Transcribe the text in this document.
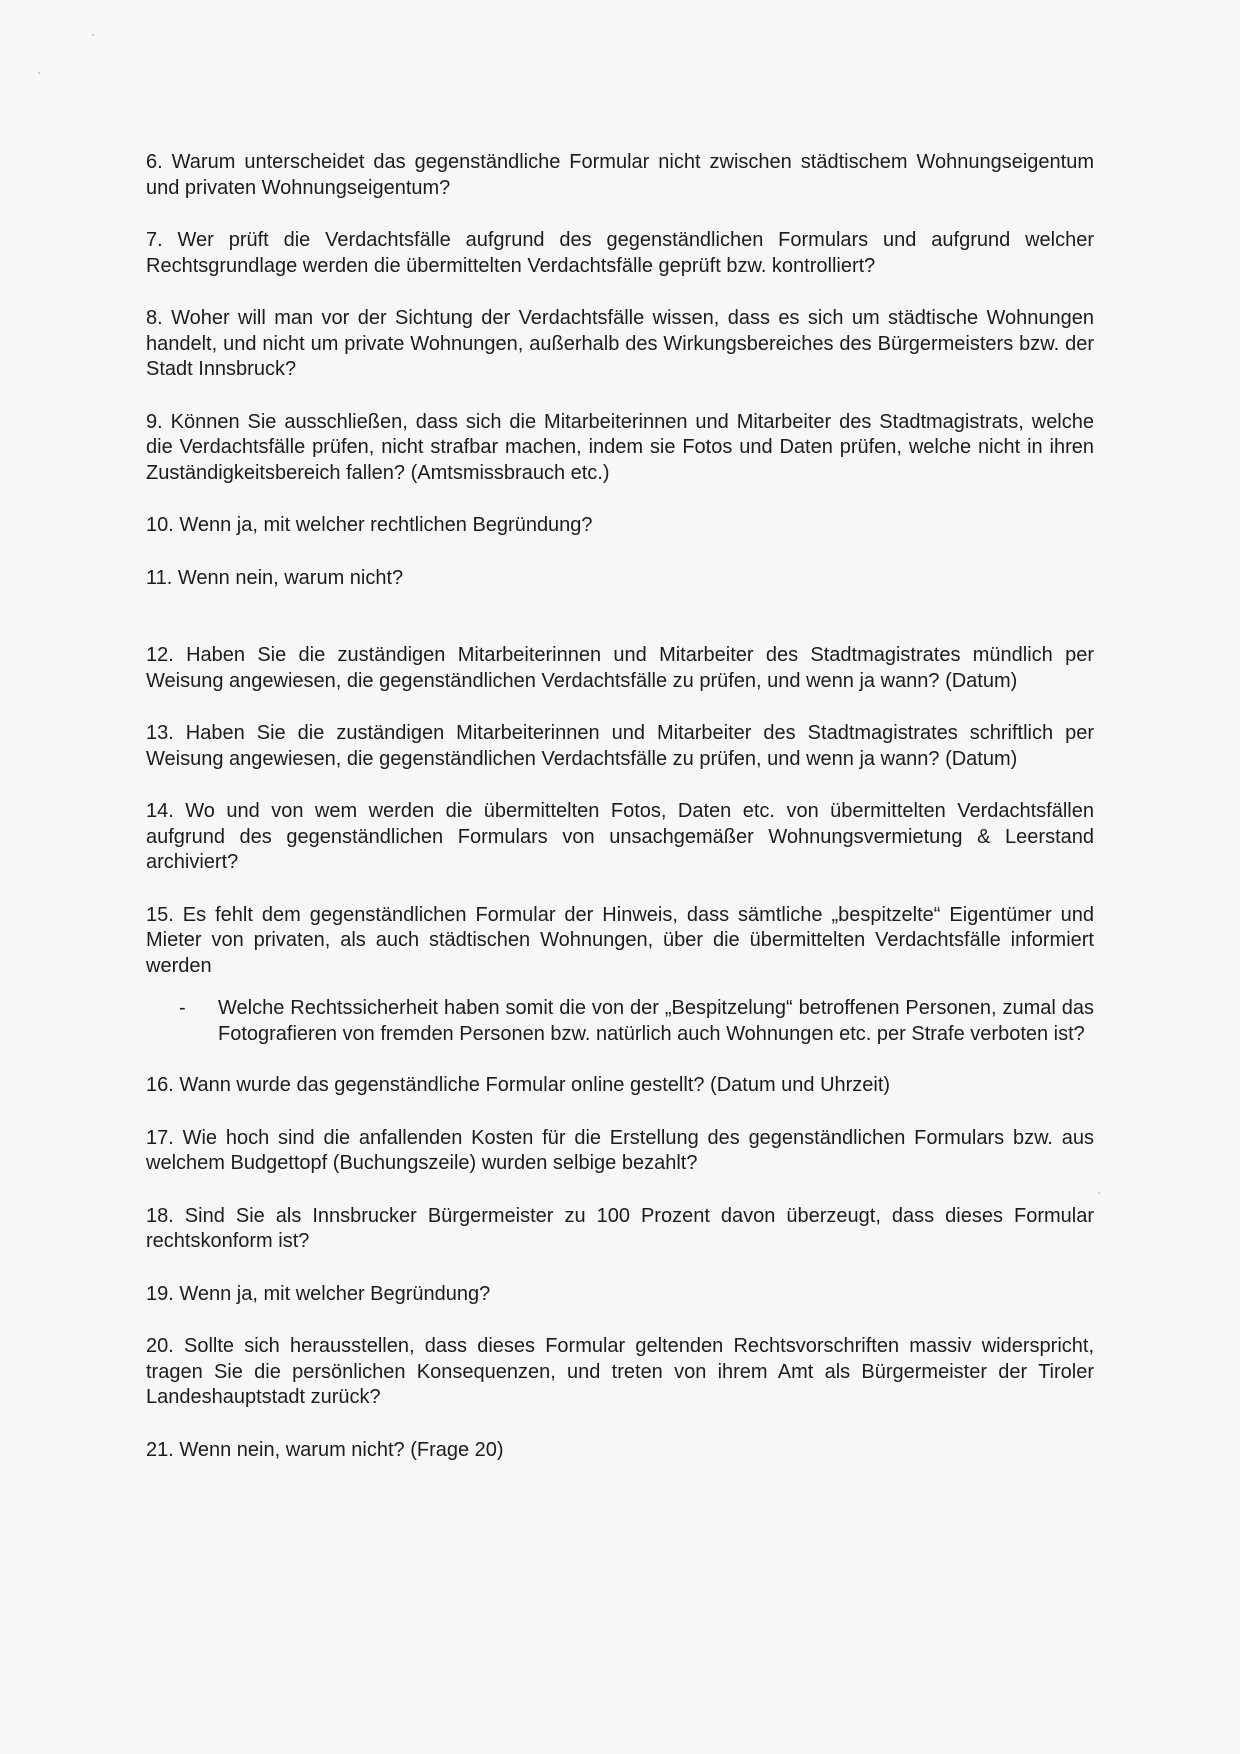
6. Warum unterscheidet das gegenständliche Formular nicht zwischen städtischem Wohnungseigentum und privaten Wohnungseigentum?

7. Wer prüft die Verdachtsfälle aufgrund des gegenständlichen Formulars und aufgrund welcher Rechtsgrundlage werden die übermittelten Verdachtsfälle geprüft bzw. kontrolliert?

8. Woher will man vor der Sichtung der Verdachtsfälle wissen, dass es sich um städtische Wohnungen handelt, und nicht um private Wohnungen, außerhalb des Wirkungsbereiches des Bürgermeisters bzw. der Stadt Innsbruck?

9. Können Sie ausschließen, dass sich die Mitarbeiterinnen und Mitarbeiter des Stadtmagistrats, welche die Verdachtsfälle prüfen, nicht strafbar machen, indem sie Fotos und Daten prüfen, welche nicht in ihren Zuständigkeitsbereich fallen? (Amtsmissbrauch etc.)

10. Wenn ja, mit welcher rechtlichen Begründung?

11. Wenn nein, warum nicht?

12. Haben Sie die zuständigen Mitarbeiterinnen und Mitarbeiter des Stadtmagistrates mündlich per Weisung angewiesen, die gegenständlichen Verdachtsfälle zu prüfen, und wenn ja wann? (Datum)

13. Haben Sie die zuständigen Mitarbeiterinnen und Mitarbeiter des Stadtmagistrates schriftlich per Weisung angewiesen, die gegenständlichen Verdachtsfälle zu prüfen, und wenn ja wann? (Datum)

14. Wo und von wem werden die übermittelten Fotos, Daten etc. von übermittelten Verdachtsfällen aufgrund des gegenständlichen Formulars von unsachgemäßer Wohnungsvermietung & Leerstand archiviert?

15. Es fehlt dem gegenständlichen Formular der Hinweis, dass sämtliche „bespitzelte“ Eigentümer und Mieter von privaten, als auch städtischen Wohnungen, über die übermittelten Verdachtsfälle informiert werden

-	Welche Rechtssicherheit haben somit die von der „Bespitzelung“ betroffenen Personen, zumal das Fotografieren von fremden Personen bzw. natürlich auch Wohnungen etc. per Strafe verboten ist?

16. Wann wurde das gegenständliche Formular online gestellt? (Datum und Uhrzeit)

17. Wie hoch sind die anfallenden Kosten für die Erstellung des gegenständlichen Formulars bzw. aus welchem Budgettopf (Buchungszeile) wurden selbige bezahlt?

18. Sind Sie als Innsbrucker Bürgermeister zu 100 Prozent davon überzeugt, dass dieses Formular rechtskonform ist?

19. Wenn ja, mit welcher Begründung?

20. Sollte sich herausstellen, dass dieses Formular geltenden Rechtsvorschriften massiv widerspricht, tragen Sie die persönlichen Konsequenzen, und treten von ihrem Amt als Bürgermeister der Tiroler Landeshauptstadt zurück?

21. Wenn nein, warum nicht? (Frage 20)
